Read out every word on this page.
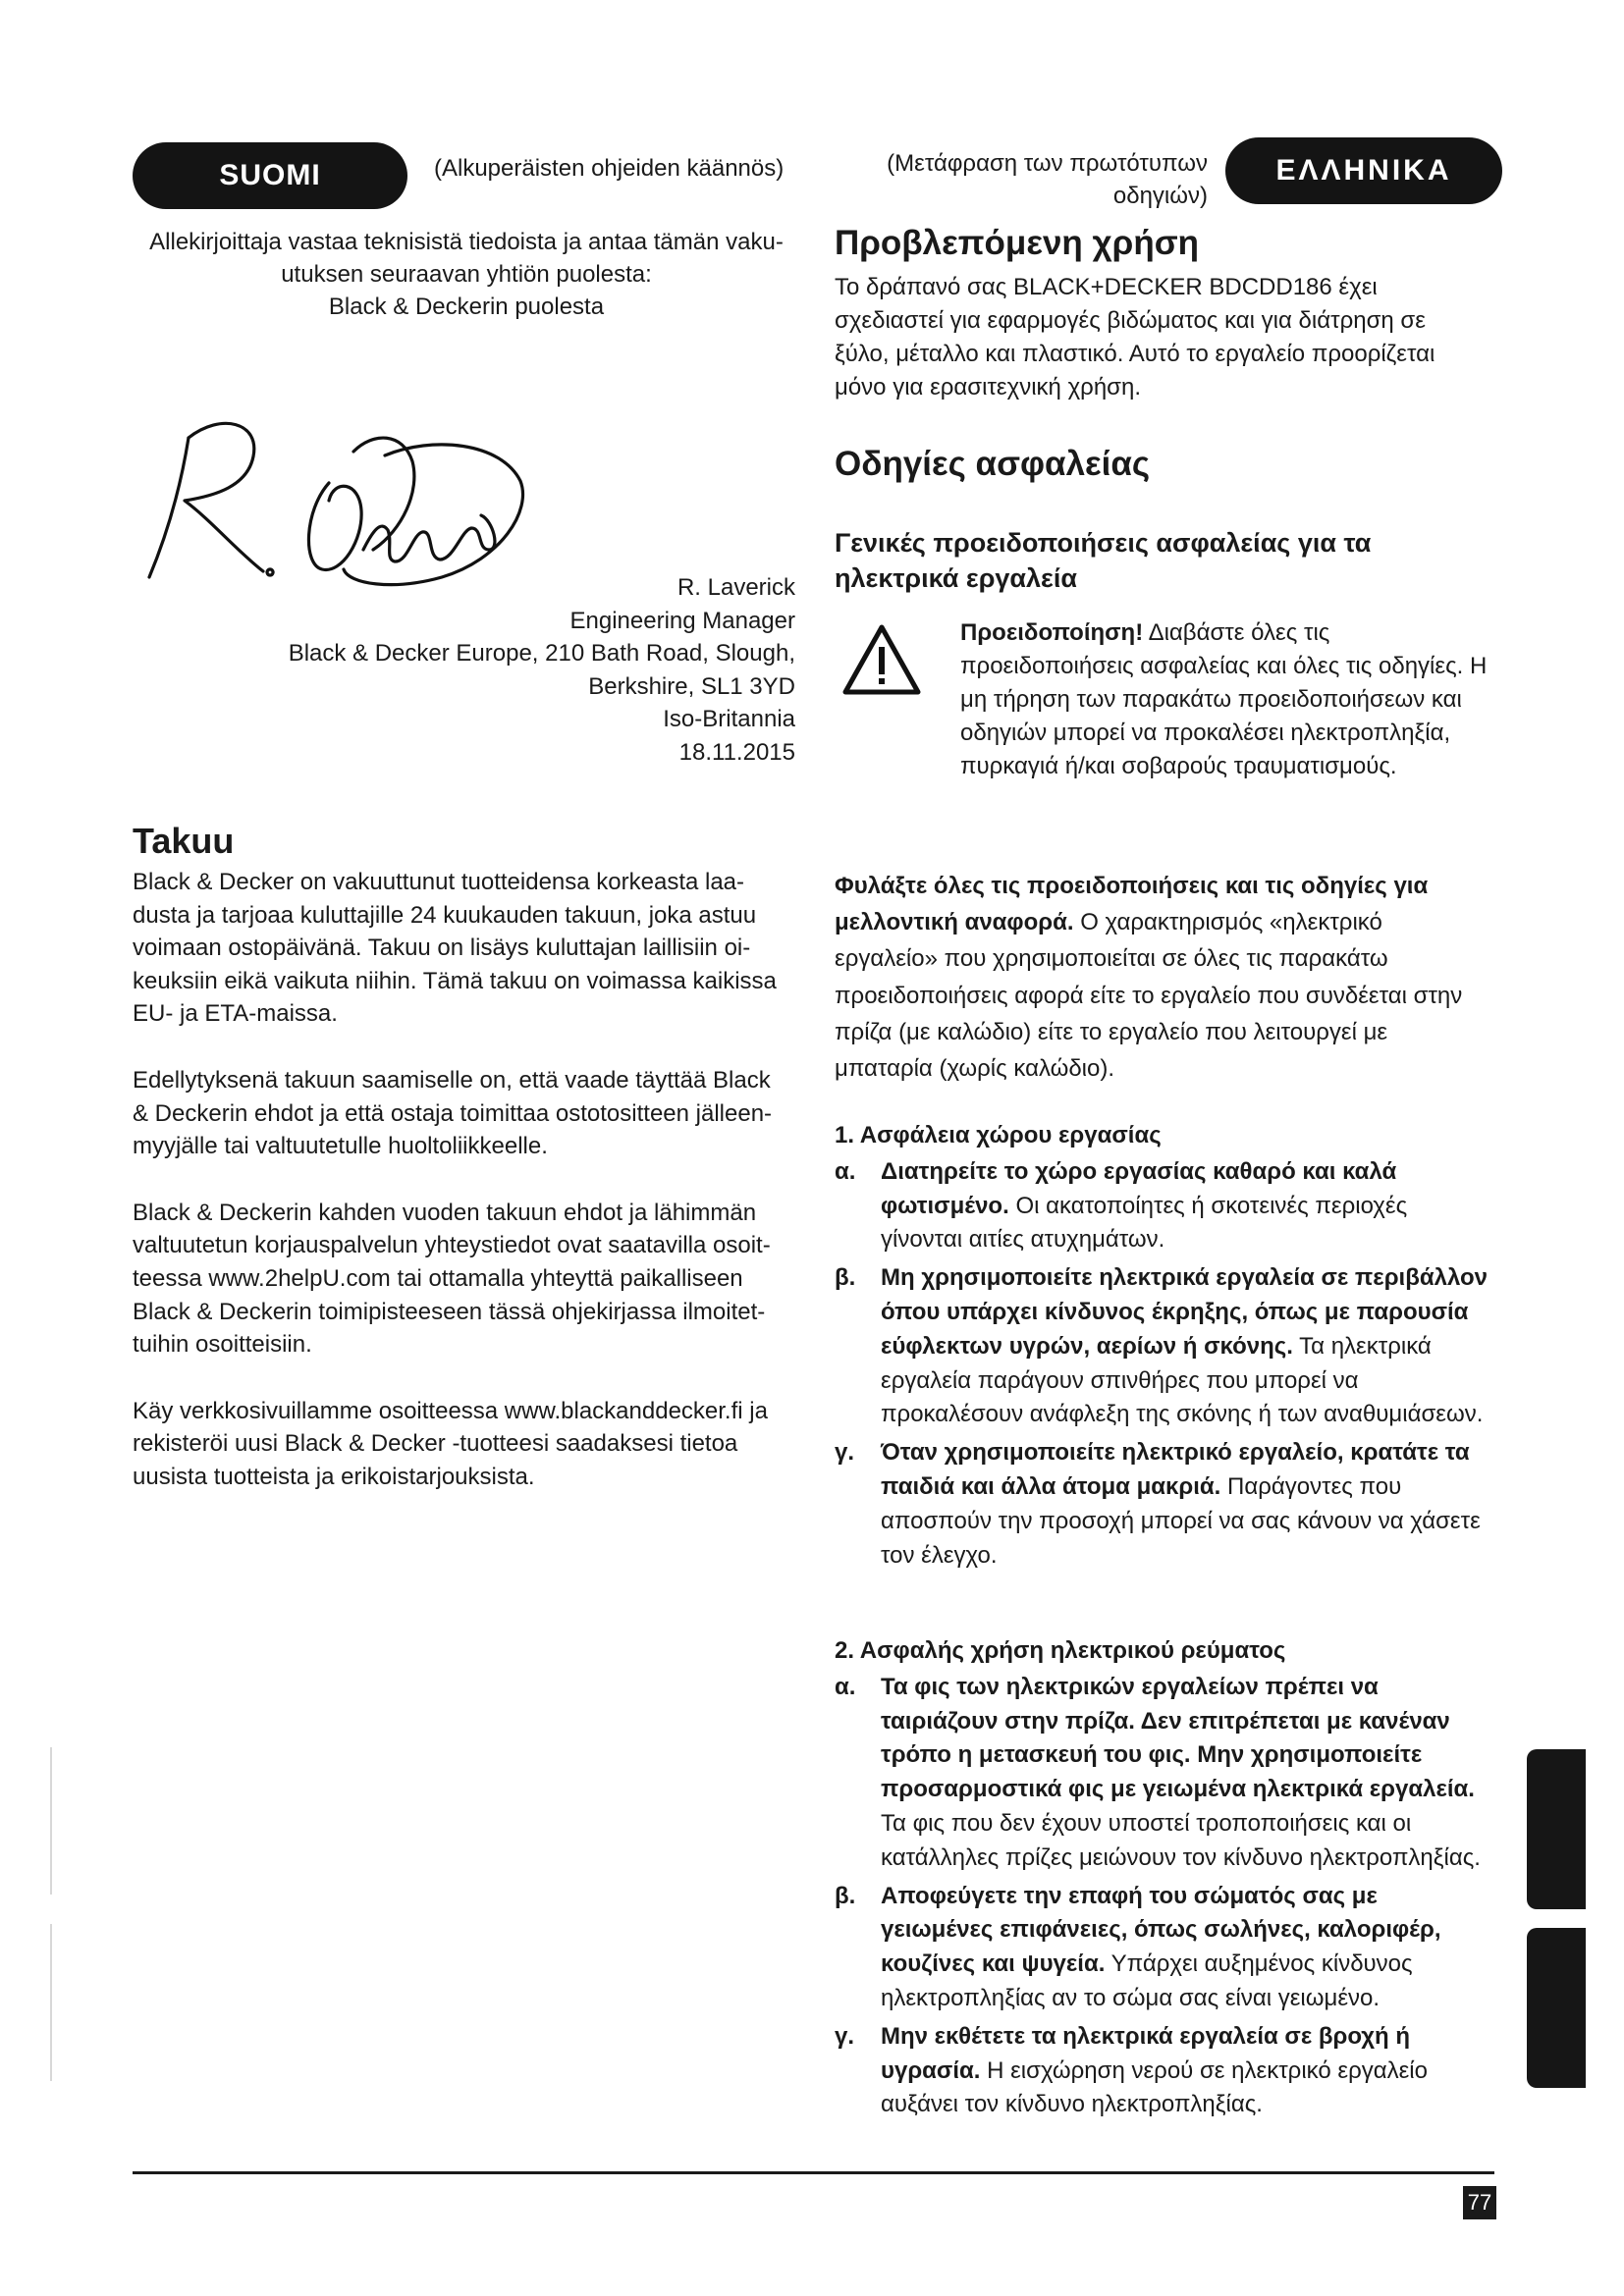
SUOMI	(Alkuperäisten ohjeiden käännös)
Allekirjoittaja vastaa teknisistä tiedoista ja antaa tämän vaku-
utuksen seuraavan yhtiön puolesta:
Black & Deckerin puolesta
R. Laverick
Engineering Manager
Black & Decker Europe, 210 Bath Road, Slough,
Berkshire, SL1 3YD
Iso-Britannia
18.11.2015
Takuu

Black & Decker on vakuuttunut tuotteidensa korkeasta laa-dusta ja tarjoaa kuluttajille 24 kuukauden takuun, joka astuu voimaan ostopäivänä. Takuu on lisäys kuluttajan laillisiin oi-keuksiin eikä vaikuta niihin. Tämä takuu on voimassa kaikissa EU- ja ETA-maissa.

Edellytyksenä takuun saamiselle on, että vaade täyttää Black & Deckerin ehdot ja että ostaja toimittaa ostotositteen jälleen-myyjälle tai valtuutetulle huoltoliikkeelle.

Black & Deckerin kahden vuoden takuun ehdot ja lähimmän valtuutetun korjauspalvelun yhteystiedot ovat saatavilla osoit-teessa www.2helpU.com tai ottamalla yhteyttä paikalliseen Black & Deckerin toimipisteeseen tässä ohjekirjassa ilmoitet-tuihin osoitteisiin.

Käy verkkosivuillamme osoitteessa www.blackanddecker.fi ja rekisteröi uusi Black & Decker -tuotteesi saadaksesi tietoa uusista tuotteista ja erikoistarjouksista.

(Μετάφραση των πρωτότυπων
οδηγιών)
ΕΛΛΗΝΙΚΑ
Προβλεπόμενη χρήση
Το δράπανό σας BLACK+DECKER BDCDD186 έχει σχεδιαστεί για εφαρμογές βιδώματος και για διάτρηση σε ξύλο, μέταλλο και πλαστικό. Αυτό το εργαλείο προορίζεται μόνο για ερασιτεχνική χρήση.
Οδηγίες ασφαλείας
Γενικές προειδοποιήσεις ασφαλείας για τα ηλεκτρικά εργαλεία
Προειδοποίηση! Διαβάστε όλες τις προειδοποιήσεις ασφαλείας και όλες τις οδηγίες. Η μη τήρηση των παρακάτω προειδοποιήσεων και οδηγιών μπορεί να προκαλέσει ηλεκτροπληξία, πυρκαγιά ή/και σοβαρούς τραυματισμούς.
Φυλάξτε όλες τις προειδοποιήσεις και τις οδηγίες για μελλοντική αναφορά. Ο χαρακτηρισμός «ηλεκτρικό εργαλείο» που χρησιμοποιείται σε όλες τις παρακάτω προειδοποιήσεις αφορά είτε το εργαλείο που συνδέεται στην πρίζα (με καλώδιο) είτε το εργαλείο που λειτουργεί με μπαταρία (χωρίς καλώδιο).
1. Ασφάλεια χώρου εργασίας
α. Διατηρείτε το χώρο εργασίας καθαρό και καλά φωτισμένο. Οι ακατοποίητες ή σκοτεινές περιοχές γίνονται αιτίες ατυχημάτων.
β. Μη χρησιμοποιείτε ηλεκτρικά εργαλεία σε περιβάλλον όπου υπάρχει κίνδυνος έκρηξης, όπως με παρουσία εύφλεκτων υγρών, αερίων ή σκόνης. Τα ηλεκτρικά εργαλεία παράγουν σπινθήρες που μπορεί να προκαλέσουν ανάφλεξη της σκόνης ή των αναθυμιάσεων.
γ. Όταν χρησιμοποιείτε ηλεκτρικό εργαλείο, κρατάτε τα παιδιά και άλλα άτομα μακριά. Παράγοντες που αποσπούν την προσοχή μπορεί να σας κάνουν να χάσετε τον έλεγχο.
2. Ασφαλής χρήση ηλεκτρικού ρεύματος
α. Τα φις των ηλεκτρικών εργαλείων πρέπει να ταιριάζουν στην πρίζα. Δεν επιτρέπεται με κανέναν τρόπο η μετασκευή του φις. Μην χρησιμοποιείτε προσαρμοστικά φις με γειωμένα ηλεκτρικά εργαλεία. Τα φις που δεν έχουν υποστεί τροποποιήσεις και οι κατάλληλες πρίζες μειώνουν τον κίνδυνο ηλεκτροπληξίας.
β. Αποφεύγετε την επαφή του σώματός σας με γειωμένες επιφάνειες, όπως σωλήνες, καλοριφέρ, κουζίνες και ψυγεία. Υπάρχει αυξημένος κίνδυνος ηλεκτροπληξίας αν το σώμα σας είναι γειωμένο.
γ. Μην εκθέτετε τα ηλεκτρικά εργαλεία σε βροχή ή υγρασία. Η εισχώρηση νερού σε ηλεκτρικό εργαλείο αυξάνει τον κίνδυνο ηλεκτροπληξίας.
77
